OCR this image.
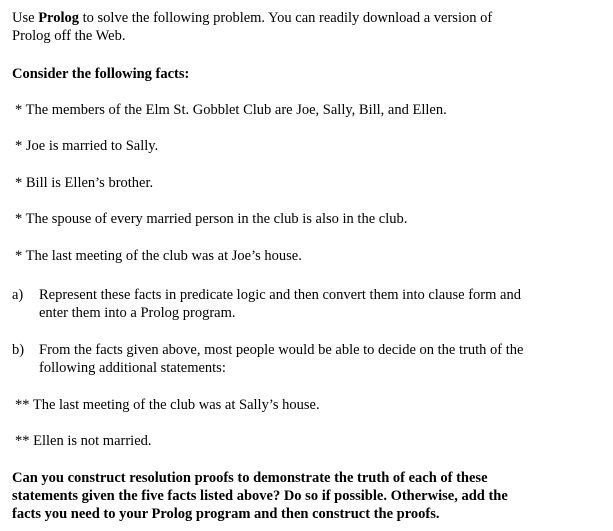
Use Prolog to solve the following problem. You can readily download a version of
Prolog off the Web.
Consider the following facts:
* The members of the Elm St. Gobblet Club are Joe, Sally, Bill, and Ellen.
* Joe is married to Sally.
* Bill is Ellen’s brother.
* The spouse of every married person in the club is also in the club.
* The last meeting of the club was at Joe’s house.
a) Represent these facts in predicate logic and then convert them into clause form and
enter them into a Prolog program.
b) From the facts given above, most people would be able to decide on the truth of the
following additional statements:
** The last meeting of the club was at Sally’s house.
** Ellen is not married.
Can you construct resolution proofs to demonstrate the truth of each of these
statements given the five facts listed above? Do so if possible. Otherwise, add the
facts you need to your Prolog program and then construct the proofs.
